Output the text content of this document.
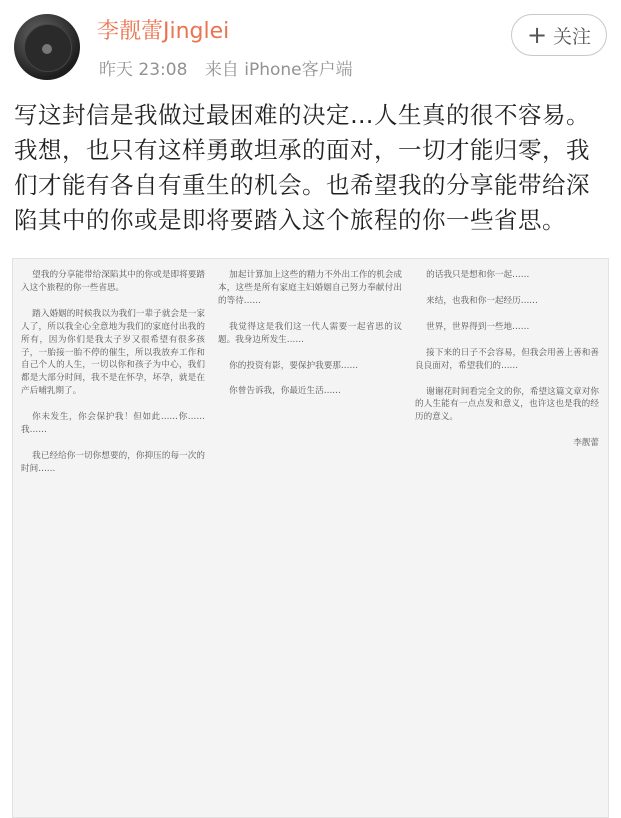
李靓蕾Jinglei
昨天 23:08 来自 iPhone客户端
+ 关注
写这封信是我做过最困难的决定…人生真的很不容易。我想，也只有这样勇敢坦承的面对，一切才能归零，我们才能有各自有重生的机会。也希望我的分享能带给深陷其中的你或是即将要踏入这个旅程的你一些省思。

望我的分享能带给深陷其中的你或是即将要踏入这个旅程的你一些省思。

踏入婚姻的时候我以为我们一辈子就会是一家人了，所以我全心全意地为我们的家庭付出我的所有，因为你们是我太子岁又很希望有很多孩子，一胎接一胎不停的催生，所以我放弃工作和自己个人的人生，一切以你和孩子为中心，我们都是大部分时间，我不是在怀孕，坏孕，就是在产后哺乳期了。

你未发生，你会保护我！但如此……你……我……

我已经给你一切你想要的，你抑压的每一次的时间……

加起计算加上这些的精力不外出工作的机会成本，这些是所有家庭主妇婚姻自己努力奉献付出的等待……

我觉得这是我们这一代人需要一起省思的议题。我身边所发生……

你的投资有影，要保护我要那……

你曾告诉我，你最近生活……

的话我只是想和你一起……

来结，也我和你一起经历……

世界，世界得到一些地……

接下来的日子不会容易，但我会用善上善和善良良面对，希望我们的……

谢谢花时间看完全文的你，希望这篇文章对你的人生能有一点点发和意义，也许这也是我的经历的意义。

李靓蕾
